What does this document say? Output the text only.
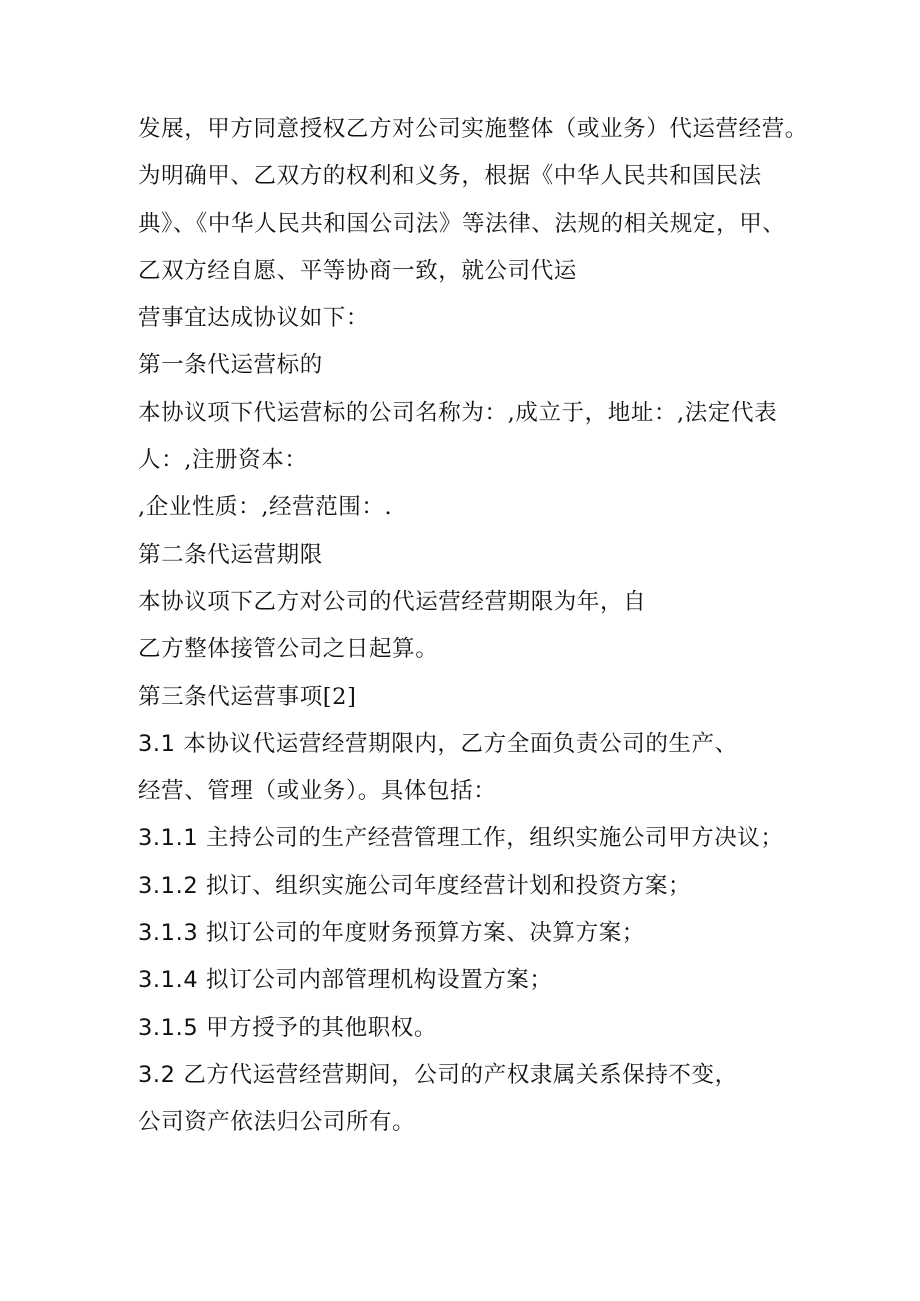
发展，甲方同意授权乙方对公司实施整体（或业务）代运营经营。
为明确甲、乙双方的权利和义务，根据《中华人民共和国民法
典》、《中华人民共和国公司法》等法律、法规的相关规定，甲、
乙双方经自愿、平等协商一致，就公司代运
营事宜达成协议如下：
第一条代运营标的
本协议项下代运营标的公司名称为：,成立于，地址：,法定代表
人：,注册资本：
,企业性质：,经营范围：.
第二条代运营期限
本协议项下乙方对公司的代运营经营期限为年，自
乙方整体接管公司之日起算。
第三条代运营事项[2]
3.1 本协议代运营经营期限内，乙方全面负责公司的生产、
经营、管理（或业务）。具体包括：
3.1.1 主持公司的生产经营管理工作，组织实施公司甲方决议；
3.1.2 拟订、组织实施公司年度经营计划和投资方案；
3.1.3 拟订公司的年度财务预算方案、决算方案；
3.1.4 拟订公司内部管理机构设置方案；
3.1.5 甲方授予的其他职权。
3.2 乙方代运营经营期间，公司的产权隶属关系保持不变，
公司资产依法归公司所有。
